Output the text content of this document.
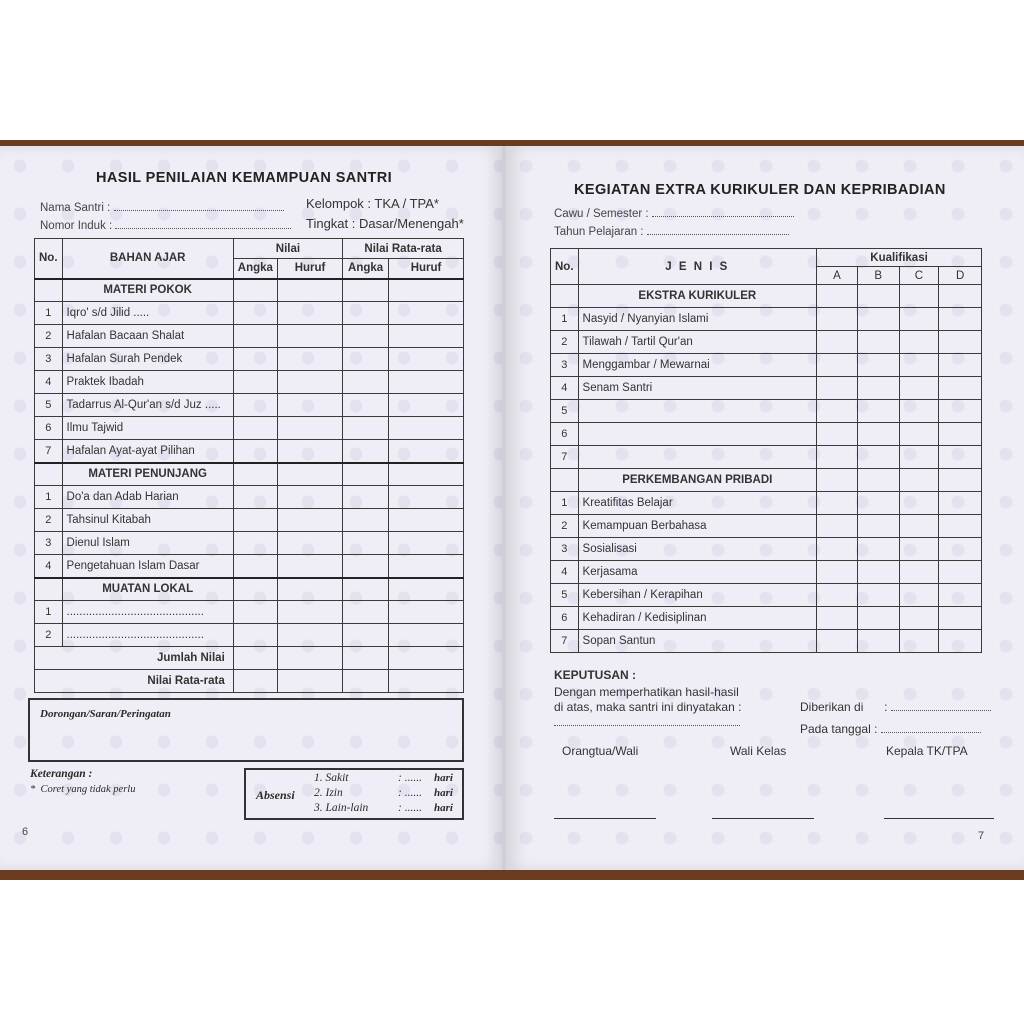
HASIL PENILAIAN KEMAMPUAN SANTRI
Nama Santri :
Nomor Induk :
Kelompok : TKA / TPA*
Tingkat : Dasar/Menengah*
No.	BAHAN AJAR	Nilai		Nilai Rata-rata	
		Angka	Huruf	Angka	Huruf
	MATERI POKOK				
1	Iqro' s/d Jilid .....				
2	Hafalan Bacaan Shalat				
3	Hafalan Surah Pendek				
4	Praktek Ibadah				
5	Tadarrus Al-Qur'an s/d Juz .....				
6	Ilmu Tajwid				
7	Hafalan Ayat-ayat Pilihan				
	MATERI PENUNJANG				
1	Do'a dan Adab Harian				
2	Tahsinul Kitabah				
3	Dienul Islam				
4	Pengetahuan Islam Dasar				
	MUATAN LOKAL				
1	...........................................				
2	...........................................				
Jumlah Nilai					
Nilai Rata-rata					
Dorongan/Saran/Peringatan
Keterangan :
*  Coret yang tidak perlu	Absensi
1. Sakit	: ...... hari
2. Izin	: ...... hari
3. Lain-lain	: ...... hari
6
KEGIATAN EXTRA KURIKULER DAN KEPRIBADIAN
Cawu / Semester :
Tahun Pelajaran :
No.	J E N I S	Kualifikasi			
		A	B	C	D
	EKSTRA KURIKULER				
1	Nasyid / Nyanyian Islami				
2	Tilawah / Tartil Qur'an				
3	Menggambar / Mewarnai				
4	Senam Santri				
5					
6					
7					
	PERKEMBANGAN PRIBADI				
1	Kreatifitas Belajar				
2	Kemampuan Berbahasa				
3	Sosialisasi				
4	Kerjasama				
5	Kebersihan / Kerapihan				
6	Kehadiran / Kedisiplinan				
7	Sopan Santun				
KEPUTUSAN :
Dengan memperhatikan hasil-hasil
di atas, maka santri ini dinyatakan :	Diberikan di :
Pada tanggal :
Orangtua/Wali	Wali Kelas	Kepala TK/TPA
7
